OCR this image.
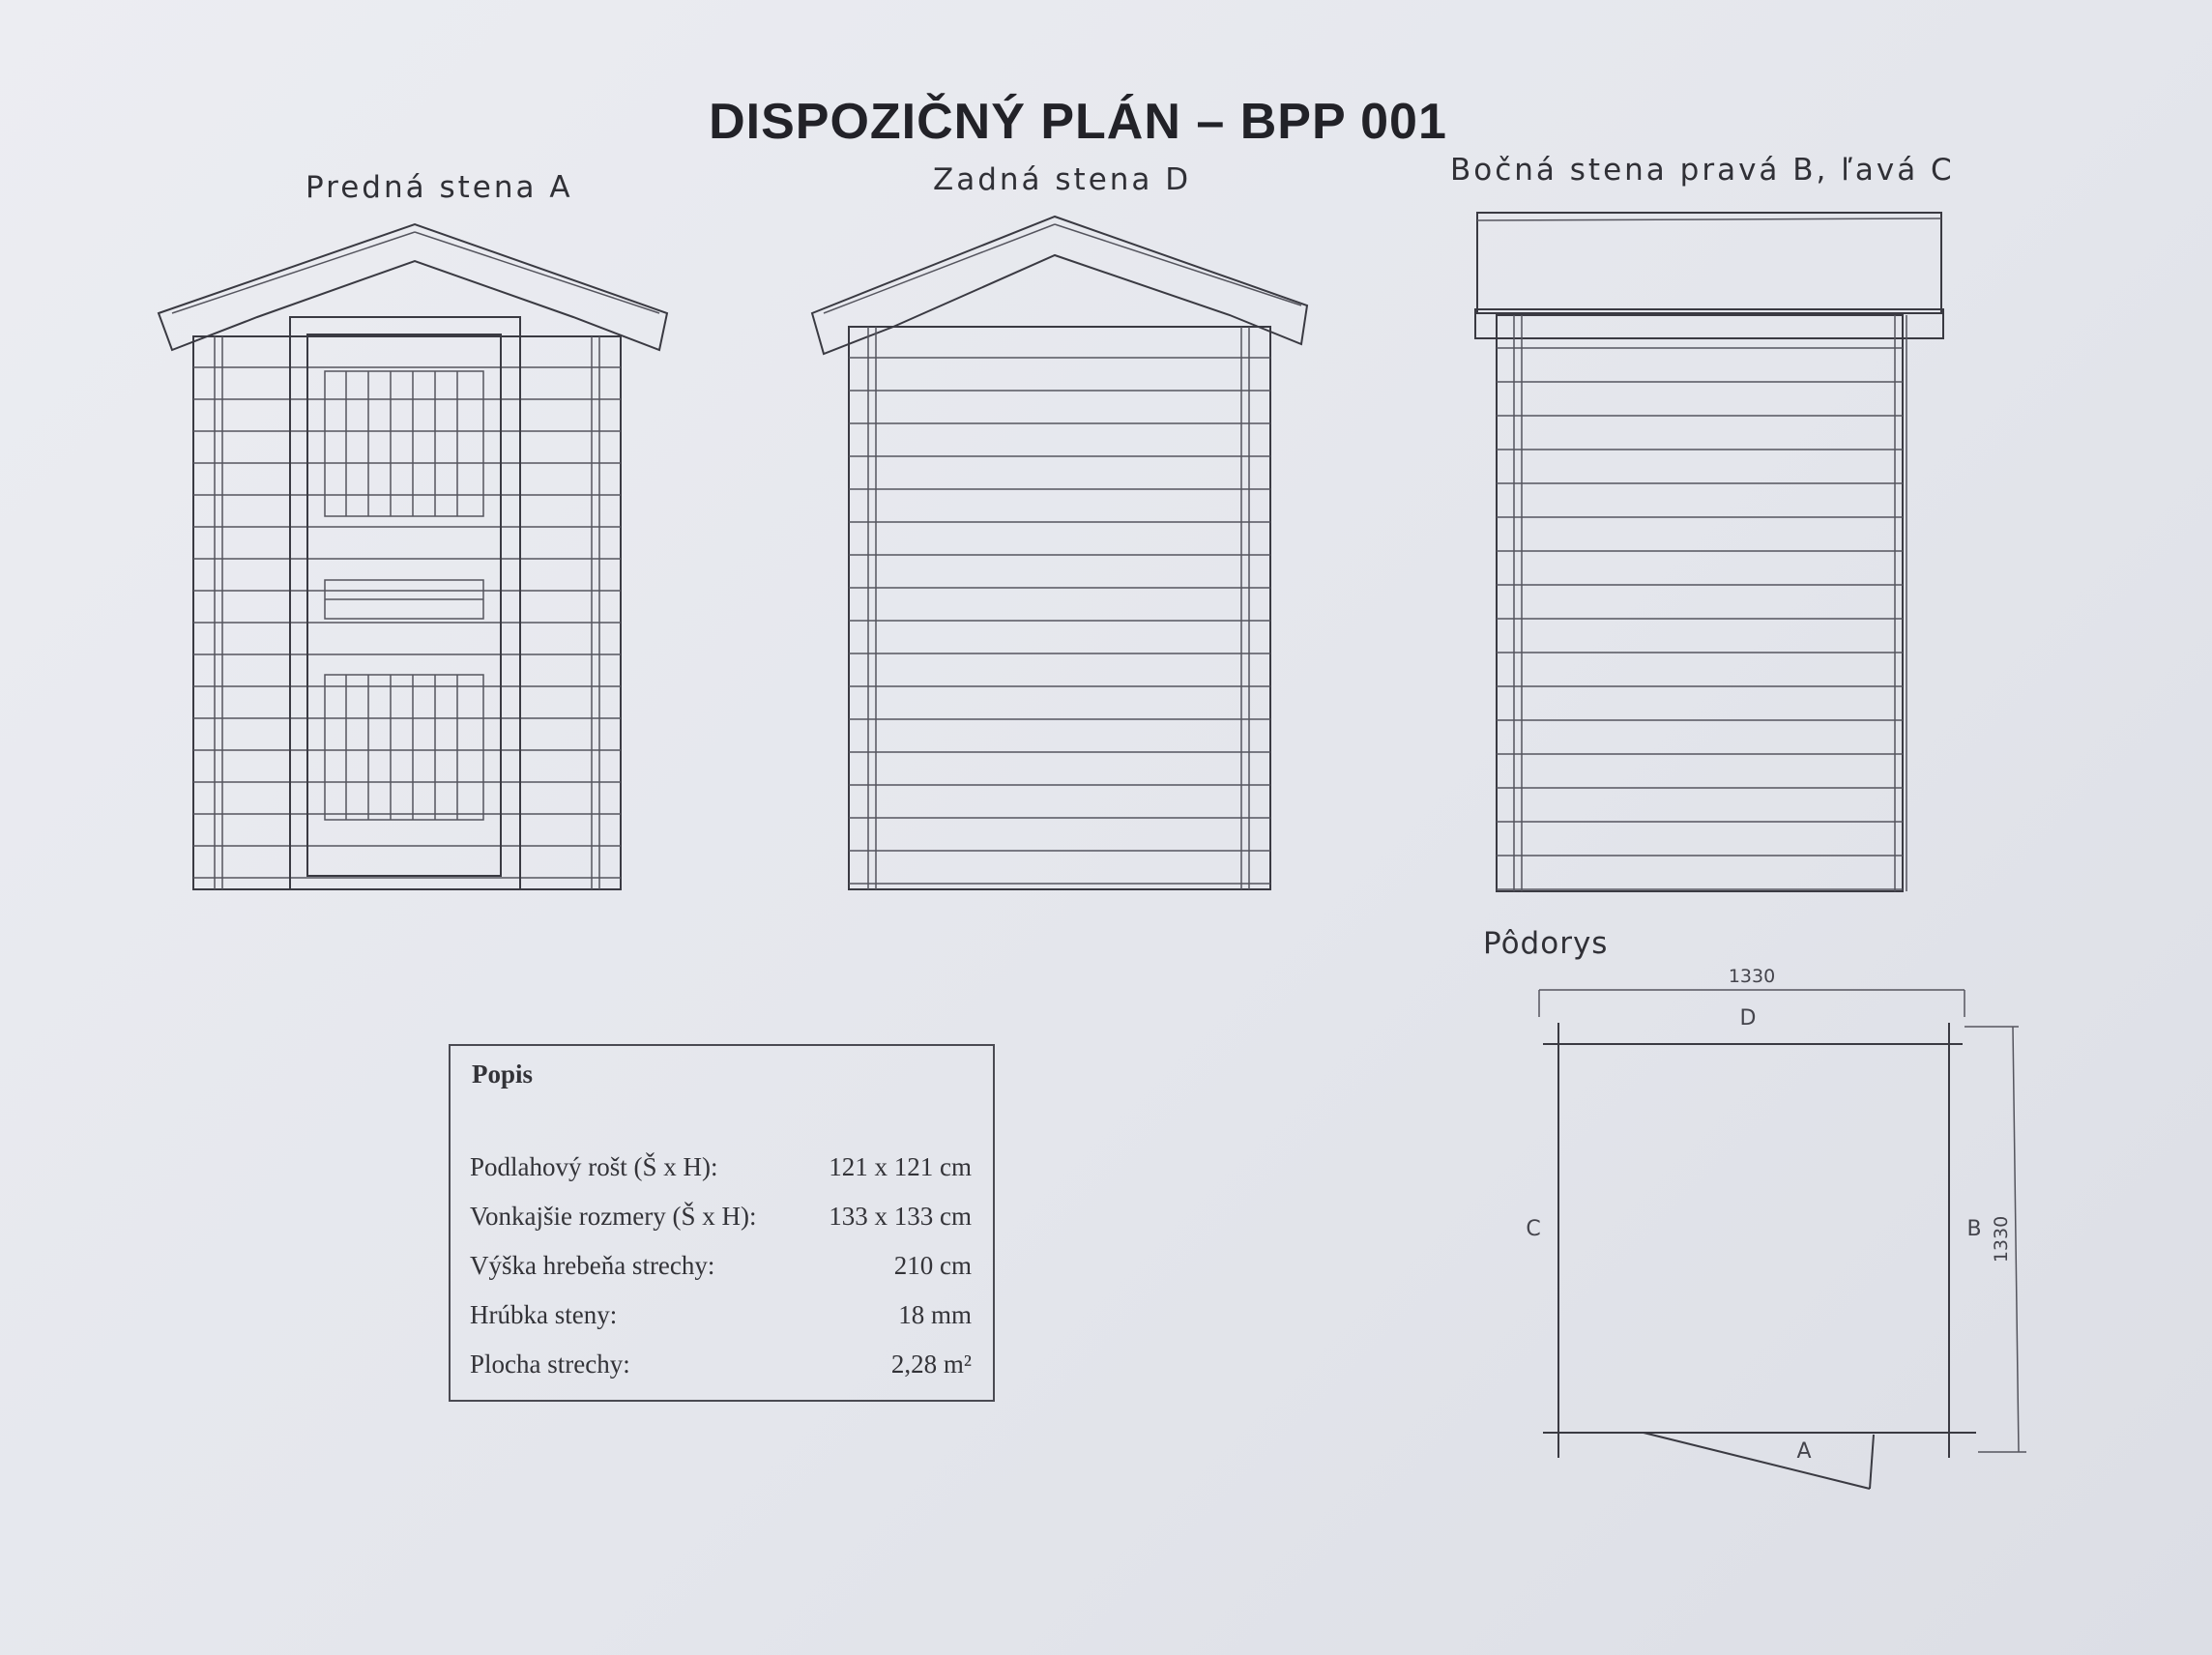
DISPOZIČNÝ PLÁN – BPP 001
Predná stena A	Zadná stena D	Bočná stena pravá B, ľavá C
Popis
Podlahový rošt (Š x H):	121 x 121 cm
Vonkajšie rozmery (Š x H):	133 x 133 cm
Výška hrebeňa strechy:	210 cm
Hrúbka steny:	18 mm
Plocha strechy:	2,28 m²
Pôdorys
1330
D
C	B 1330
A
